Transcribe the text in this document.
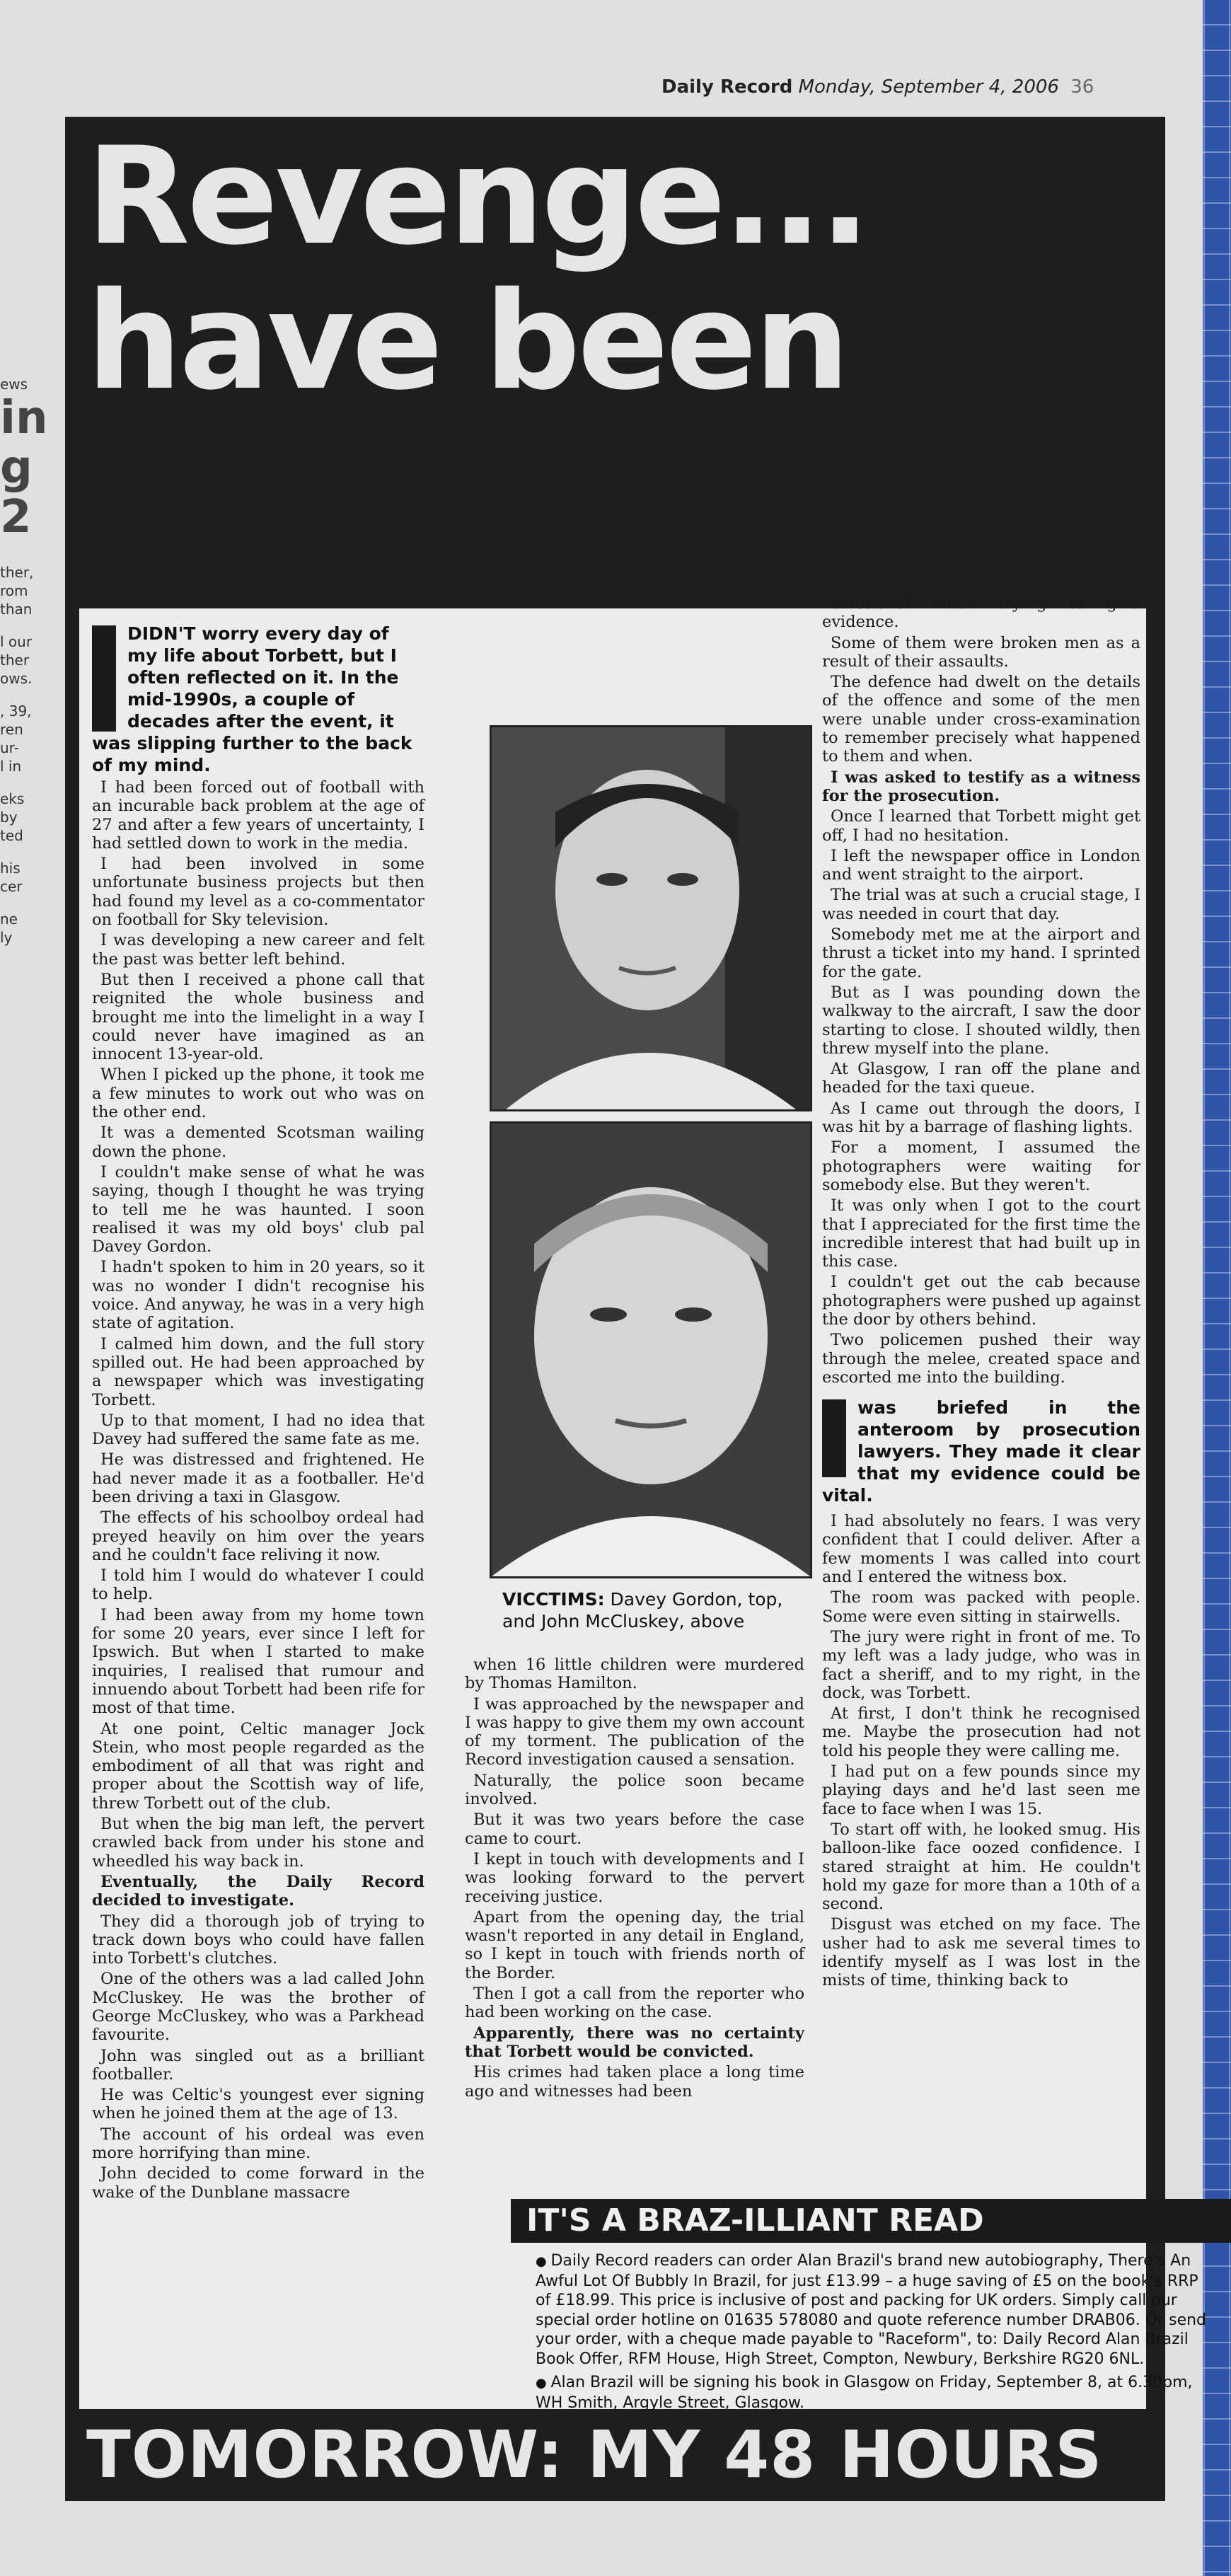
ews
in
g
2
ther,
rom
than
l our
ther
ows.
, 39,
ren
ur-
l in
eks
by
ted
his
cer
ne
ly
Daily Record Monday, September 4, 2006 36
Revenge...
have been

DIDN'T worry every day of my life about Torbett, but I often reflected on it. In the mid-1990s, a couple of decades after the event, it was slipping further to the back of my mind.

I had been forced out of football with an incurable back problem at the age of 27 and after a few years of uncertainty, I had settled down to work in the media.

I had been involved in some unfortunate business projects but then had found my level as a co-commentator on football for Sky television.

I was developing a new career and felt the past was better left behind.

But then I received a phone call that reignited the whole business and brought me into the limelight in a way I could never have imagined as an innocent 13-year-old.

When I picked up the phone, it took me a few minutes to work out who was on the other end.

It was a demented Scotsman wailing down the phone.

I couldn't make sense of what he was saying, though I thought he was trying to tell me he was haunted. I soon realised it was my old boys' club pal Davey Gordon.

I hadn't spoken to him in 20 years, so it was no wonder I didn't recognise his voice. And anyway, he was in a very high state of agitation.

I calmed him down, and the full story spilled out. He had been approached by a newspaper which was investigating Torbett.

Up to that moment, I had no idea that Davey had suffered the same fate as me.

He was distressed and frightened. He had never made it as a footballer. He'd been driving a taxi in Glasgow.

The effects of his schoolboy ordeal had preyed heavily on him over the years and he couldn't face reliving it now.

I told him I would do whatever I could to help.

I had been away from my home town for some 20 years, ever since I left for Ipswich. But when I started to make inquiries, I realised that rumour and innuendo about Torbett had been rife for most of that time.

At one point, Celtic manager Jock Stein, who most people regarded as the embodiment of all that was right and proper about the Scottish way of life, threw Torbett out of the club.

But when the big man left, the pervert crawled back from under his stone and wheedled his way back in.

Eventually, the Daily Record decided to investigate.

They did a thorough job of trying to track down boys who could have fallen into Torbett's clutches.

One of the others was a lad called John McCluskey. He was the brother of George McCluskey, who was a Parkhead favourite.

John was singled out as a brilliant footballer.

He was Celtic's youngest ever signing when he joined them at the age of 13.

The account of his ordeal was even more horrifying than mine.

John decided to come forward in the wake of the Dunblane massacre

VICCTIMS: Davey Gordon, top, and John McCluskey, above

when 16 little children were murdered by Thomas Hamilton.

I was approached by the newspaper and I was happy to give them my own account of my torment. The publication of the Record investigation caused a sensation.

Naturally, the police soon became involved.

But it was two years before the case came to court.

I kept in touch with developments and I was looking forward to the pervert receiving justice.

Apart from the opening day, the trial wasn't reported in any detail in England, so I kept in touch with friends north of the Border.

Then I got a call from the reporter who had been working on the case.

Apparently, there was no certainty that Torbett would be convicted.

His crimes had taken place a long time ago and witnesses had been

emotional when trying to give evidence.

Some of them were broken men as a result of their assaults.

The defence had dwelt on the details of the offence and some of the men were unable under cross-examination to remember precisely what happened to them and when.

I was asked to testify as a witness for the prosecution.

Once I learned that Torbett might get off, I had no hesitation.

I left the newspaper office in London and went straight to the airport.

The trial was at such a crucial stage, I was needed in court that day.

Somebody met me at the airport and thrust a ticket into my hand. I sprinted for the gate.

But as I was pounding down the walkway to the aircraft, I saw the door starting to close. I shouted wildly, then threw myself into the plane.

At Glasgow, I ran off the plane and headed for the taxi queue.

As I came out through the doors, I was hit by a barrage of flashing lights.

For a moment, I assumed the photographers were waiting for somebody else. But they weren't.

It was only when I got to the court that I appreciated for the first time the incredible interest that had built up in this case.

I couldn't get out the cab because photographers were pushed up against the door by others behind.

Two policemen pushed their way through the melee, created space and escorted me into the building.

was briefed in the anteroom by prosecution lawyers. They made it clear that my evidence could be vital.

I had absolutely no fears. I was very confident that I could deliver. After a few moments I was called into court and I entered the witness box.

The room was packed with people. Some were even sitting in stairwells.

The jury were right in front of me. To my left was a lady judge, who was in fact a sheriff, and to my right, in the dock, was Torbett.

At first, I don't think he recognised me. Maybe the prosecution had not told his people they were calling me.

I had put on a few pounds since my playing days and he'd last seen me face to face when I was 15.

To start off with, he looked smug. His balloon-like face oozed confidence. I stared straight at him. He couldn't hold my gaze for more than a 10th of a second.

Disgust was etched on my face. The usher had to ask me several times to identify myself as I was lost in the mists of time, thinking back to

IT'S A BRAZ-ILLIANT READ

● Daily Record readers can order Alan Brazil's brand new autobiography, There's An Awful Lot Of Bubbly In Brazil, for just £13.99 – a huge saving of £5 on the book's RRP of £18.99. This price is inclusive of post and packing for UK orders. Simply call our special order hotline on 01635 578080 and quote reference number DRAB06. Or send your order, with a cheque made payable to "Raceform", to: Daily Record Alan Brazil Book Offer, RFM House, High Street, Compton, Newbury, Berkshire RG20 6NL.

● Alan Brazil will be signing his book in Glasgow on Friday, September 8, at 6.30pm, WH Smith, Argyle Street, Glasgow.

TOMORROW: MY 48 HOURS
